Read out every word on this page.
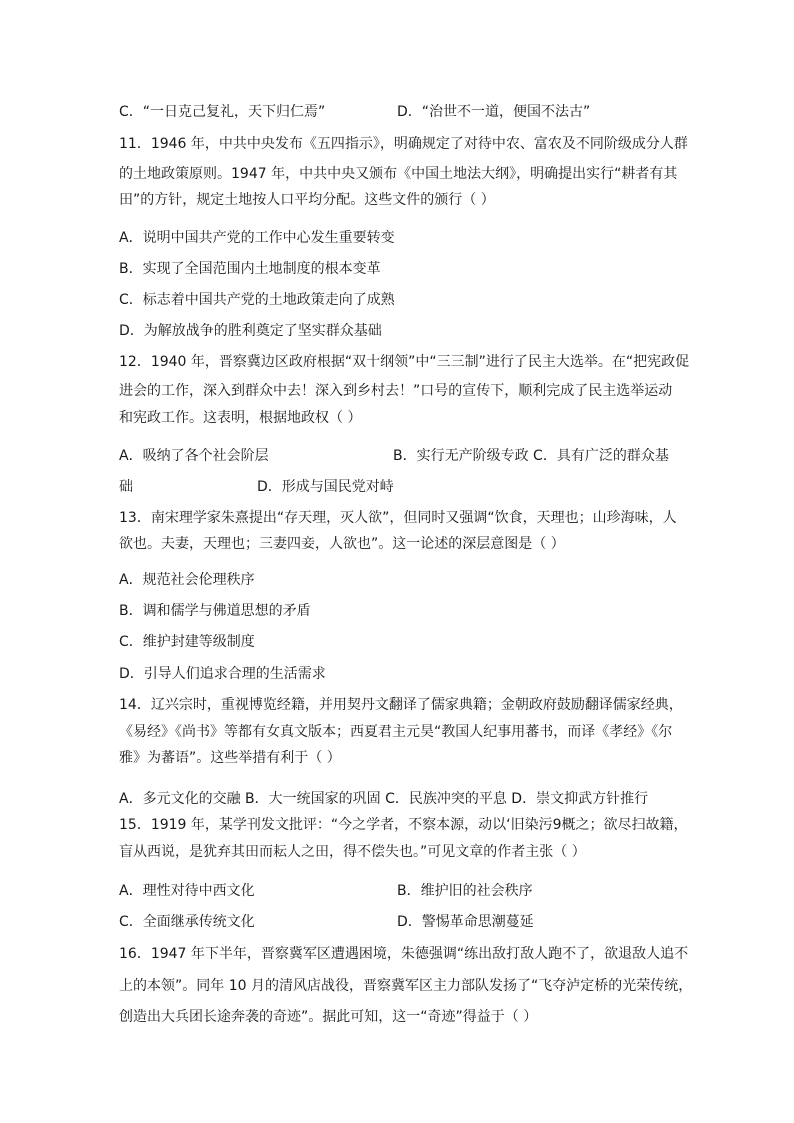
C．“一日克己复礼，天下归仁焉”	D．“治世不一道，便国不法古”
11．1946 年，中共中央发布《五四指示》，明确规定了对待中农、富农及不同阶级成分人群
的土地政策原则。1947 年，中共中央又颁布《中国土地法大纲》，明确提出实行“耕者有其
田”的方针，规定土地按人口平均分配。这些文件的颁行（ ）
A．说明中国共产党的工作中心发生重要转变
B．实现了全国范围内土地制度的根本变革
C．标志着中国共产党的土地政策走向了成熟
D．为解放战争的胜利奠定了坚实群众基础
12．1940 年，晋察冀边区政府根据“双十纲领”中“三三制”进行了民主大选举。在“把宪政促
进会的工作，深入到群众中去！深入到乡村去！”口号的宣传下，顺利完成了民主选举运动
和宪政工作。这表明，根据地政权（ ）
A．吸纳了各个社会阶层	B．实行无产阶级专政 C．具有广泛的群众基
础	D．形成与国民党对峙
13．南宋理学家朱熹提出“存天理，灭人欲”，但同时又强调“饮食，天理也；山珍海味，人
欲也。夫妻，天理也；三妻四妾，人欲也”。这一论述的深层意图是（ ）
A．规范社会伦理秩序
B．调和儒学与佛道思想的矛盾
C．维护封建等级制度
D．引导人们追求合理的生活需求
14．辽兴宗时，重视博览经籍，并用契丹文翻译了儒家典籍；金朝政府鼓励翻译儒家经典，
《易经》《尚书》等都有女真文版本；西夏君主元昊“教国人纪事用蕃书，而译《孝经》《尔
雅》为蕃语”。这些举措有利于（ ）
A．多元文化的交融 B．大一统国家的巩固 C．民族冲突的平息 D．崇文抑武方针推行
15．1919 年，某学刊发文批评：“今之学者，不察本源，动以‘旧染污9概之；欲尽扫故籍，
盲从西说，是犹弃其田而耘人之田，得不偿失也。”可见文章的作者主张（ ）
A．理性对待中西文化	B．维护旧的社会秩序
C．全面继承传统文化	D．警惕革命思潮蔓延
16．1947 年下半年，晋察冀军区遭遇困境，朱德强调“练出敌打敌人跑不了，欲退敌人追不
上的本领”。同年 10 月的清风店战役，晋察冀军区主力部队发扬了“飞夺泸定桥的光荣传统，
创造出大兵团长途奔袭的奇迹”。据此可知，这一“奇迹”得益于（ ）
